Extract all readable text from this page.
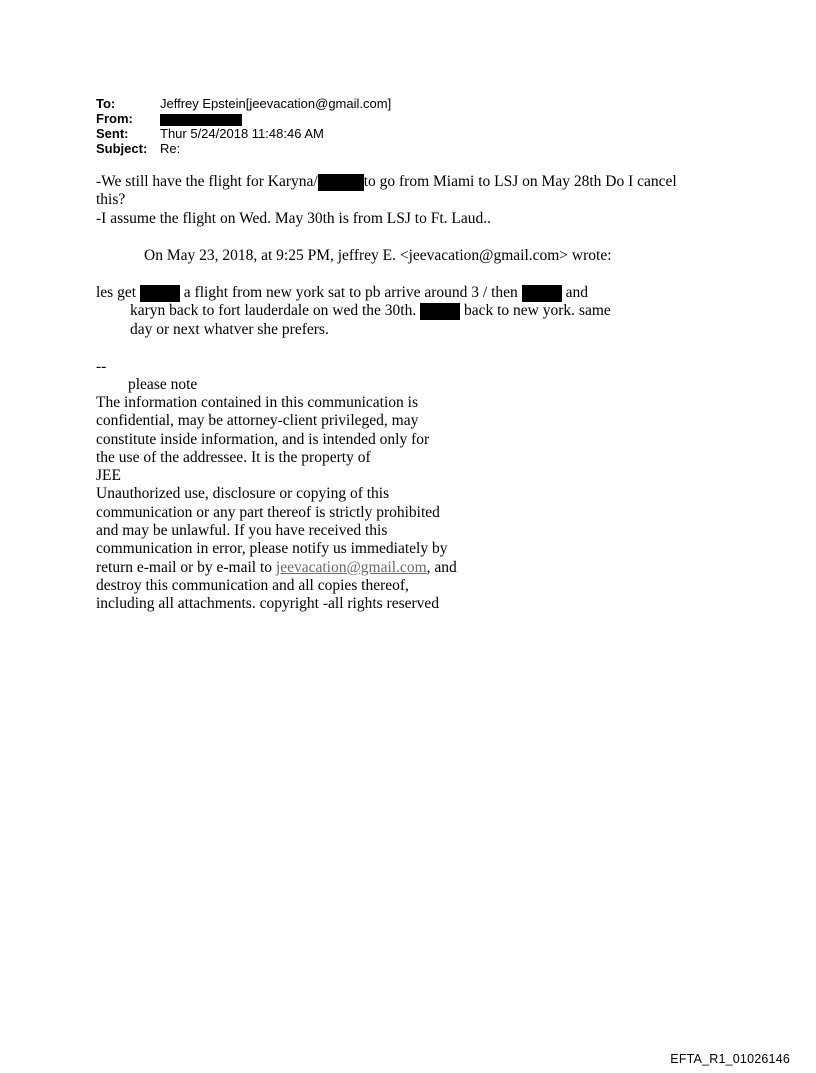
To:	Jeffrey Epstein[jeevacation@gmail.com]
From:
Sent: Thur 5/24/2018 11:48:46 AM
Subject: Re:
-We still have the flight for Karyna/	to go from Miami to LSJ on May 28th Do I cancel
this?
-I assume the flight on Wed. May 30th is from LSJ to Ft. Laud..
On May 23, 2018, at 9:25 PM, jeffrey E. <jeevacation@gmail.com> wrote:
les get	a flight from new york sat to pb arrive around 3 / then	and
karyn back to fort lauderdale on wed the 30th.	back to new york. same
day or next whatver she prefers.
--
please note
The information contained in this communication is
confidential, may be attorney-client privileged, may
constitute inside information, and is intended only for
the use of the addressee. It is the property of
JEE
Unauthorized use, disclosure or copying of this
communication or any part thereof is strictly prohibited
and may be unlawful. If you have received this
communication in error, please notify us immediately by
return e-mail or by e-mail to jeevacation@gmail.com, and
destroy this communication and all copies thereof,
including all attachments. copyright -all rights reserved
EFTA_R1_01026146
